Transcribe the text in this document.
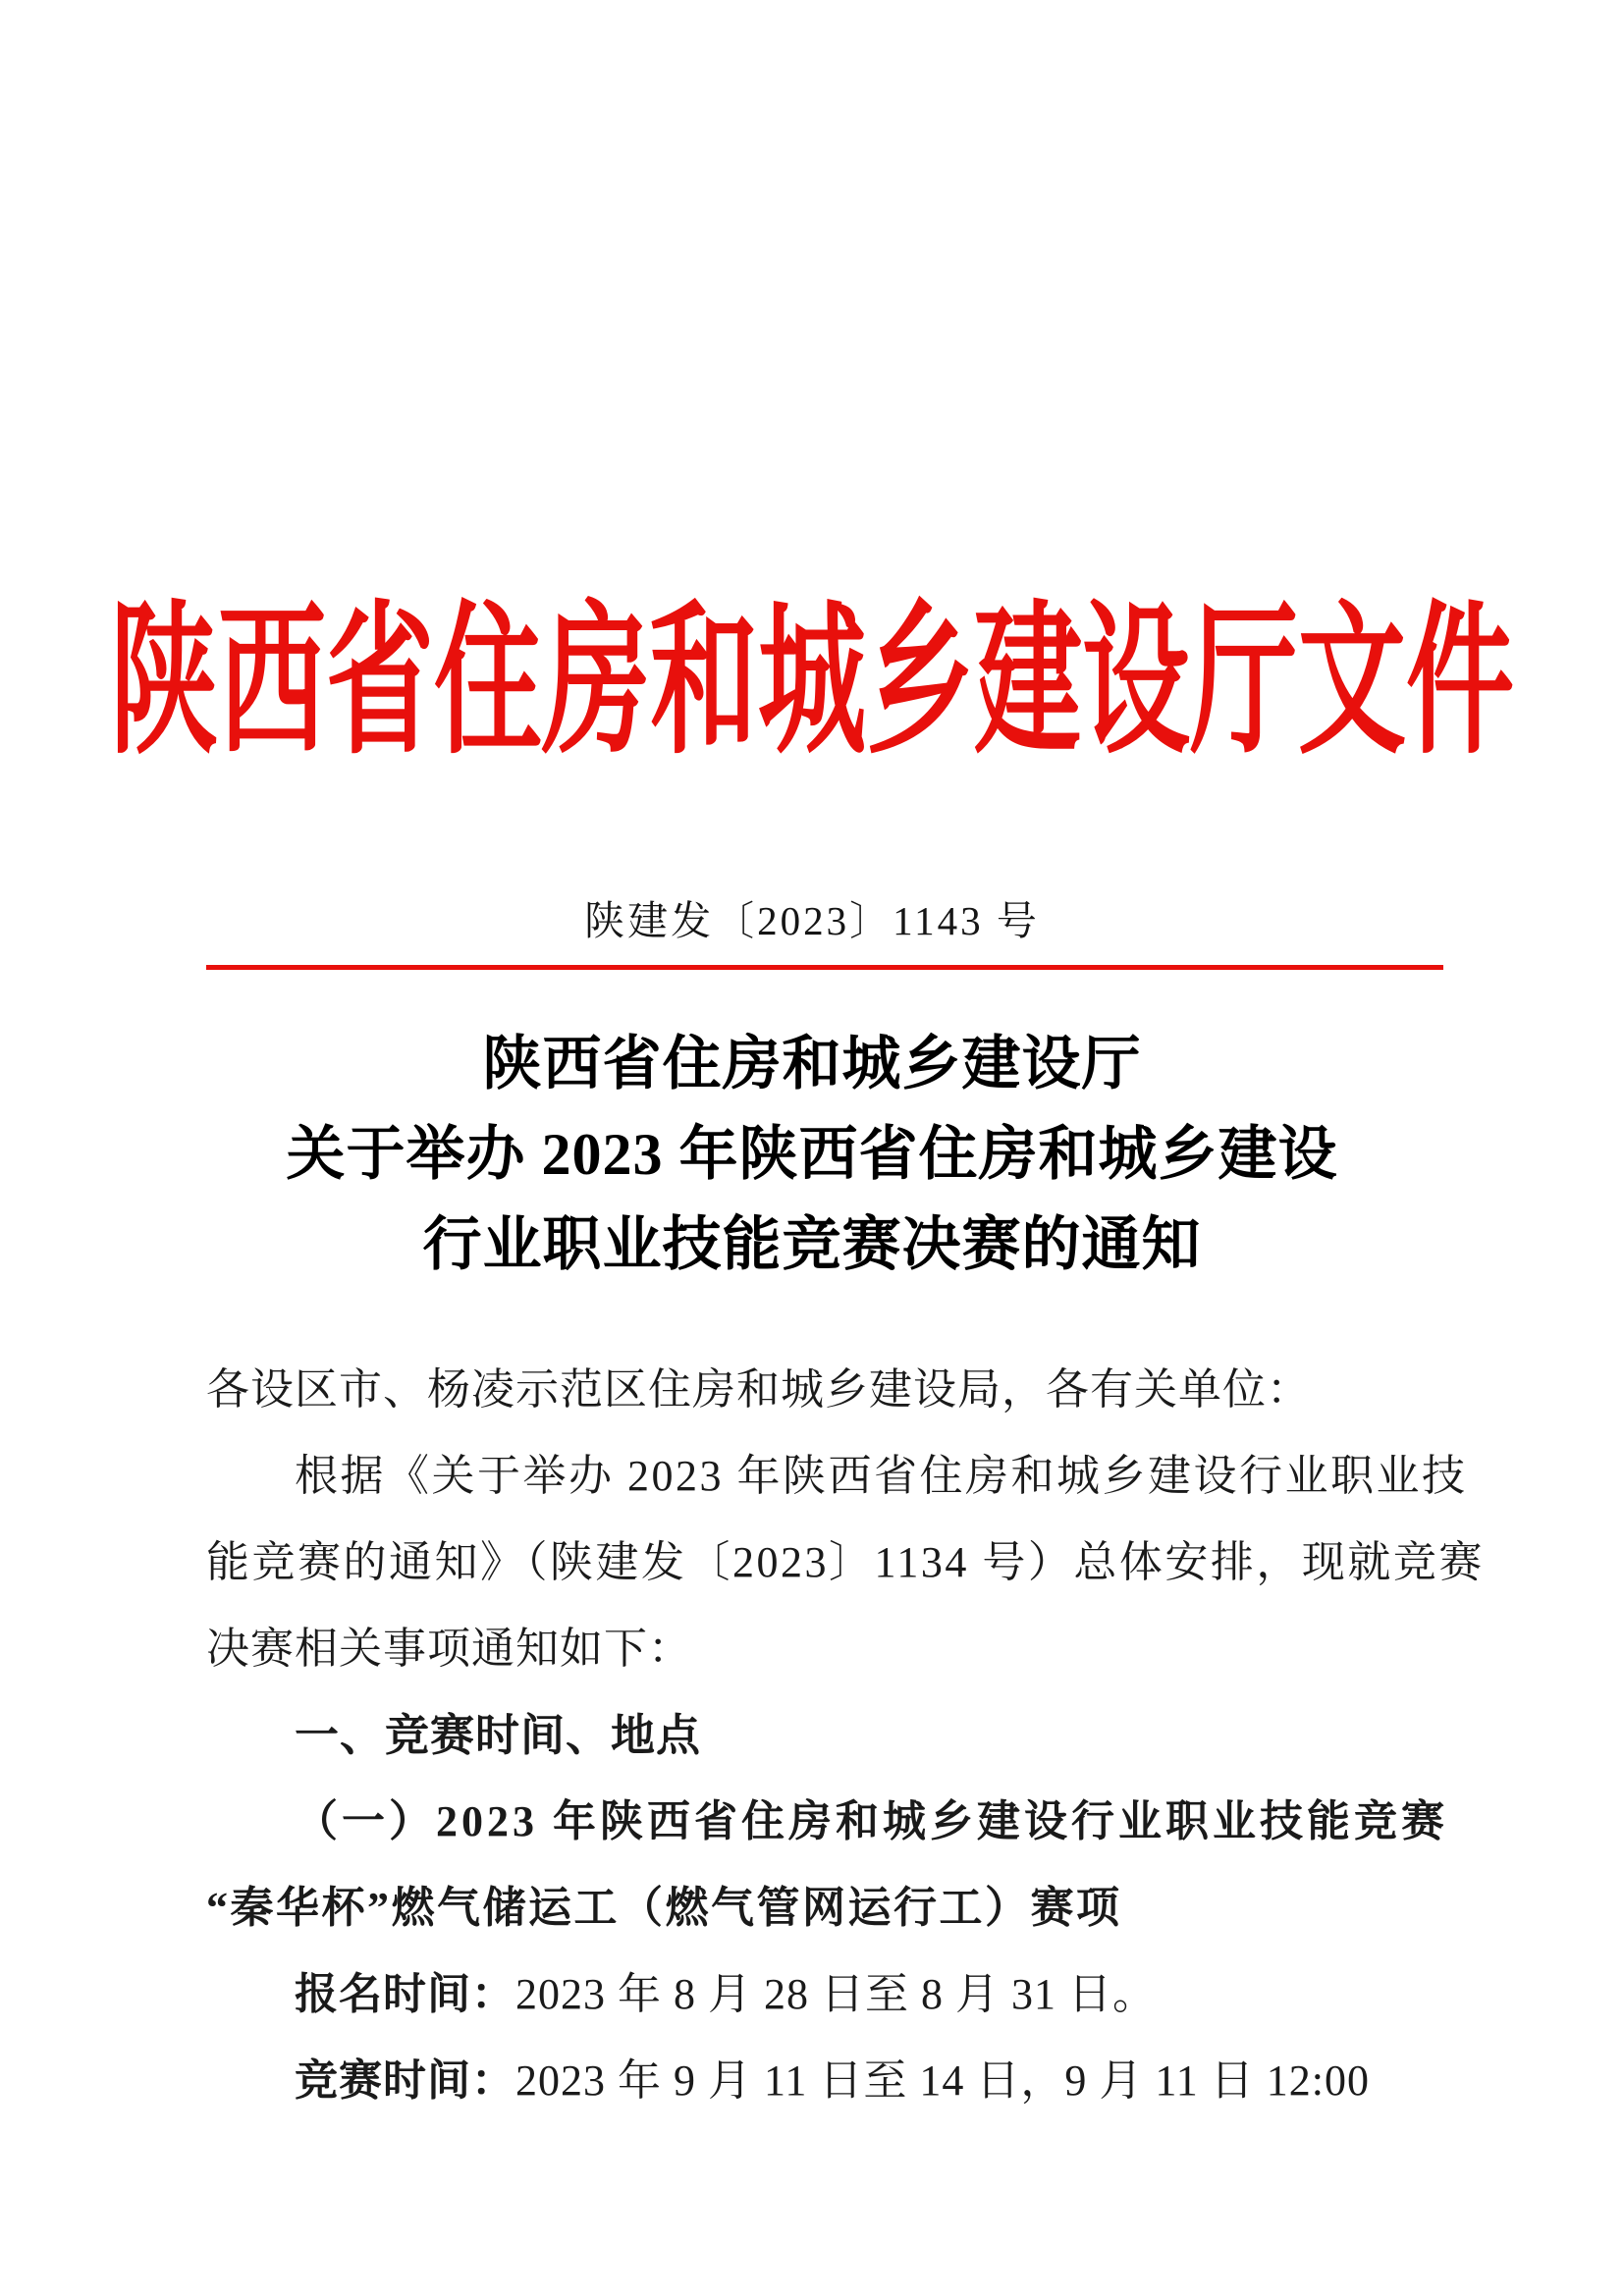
陕西省住房和城乡建设厅文件
陕建发〔2023〕1143 号
陕西省住房和城乡建设厅
关于举办 2023 年陕西省住房和城乡建设
行业职业技能竞赛决赛的通知
各设区市、杨凌示范区住房和城乡建设局，各有关单位：
根据《关于举办 2023 年陕西省住房和城乡建设行业职业技
能竞赛的通知》（陕建发〔2023〕1134 号）总体安排，现就竞赛
决赛相关事项通知如下：
一、竞赛时间、地点
（一）2023 年陕西省住房和城乡建设行业职业技能竞赛
“秦华杯”燃气储运工（燃气管网运行工）赛项
报名时间：2023 年 8 月 28 日至 8 月 31 日。
竞赛时间：2023 年 9 月 11 日至 14 日，9 月 11 日 12:00
